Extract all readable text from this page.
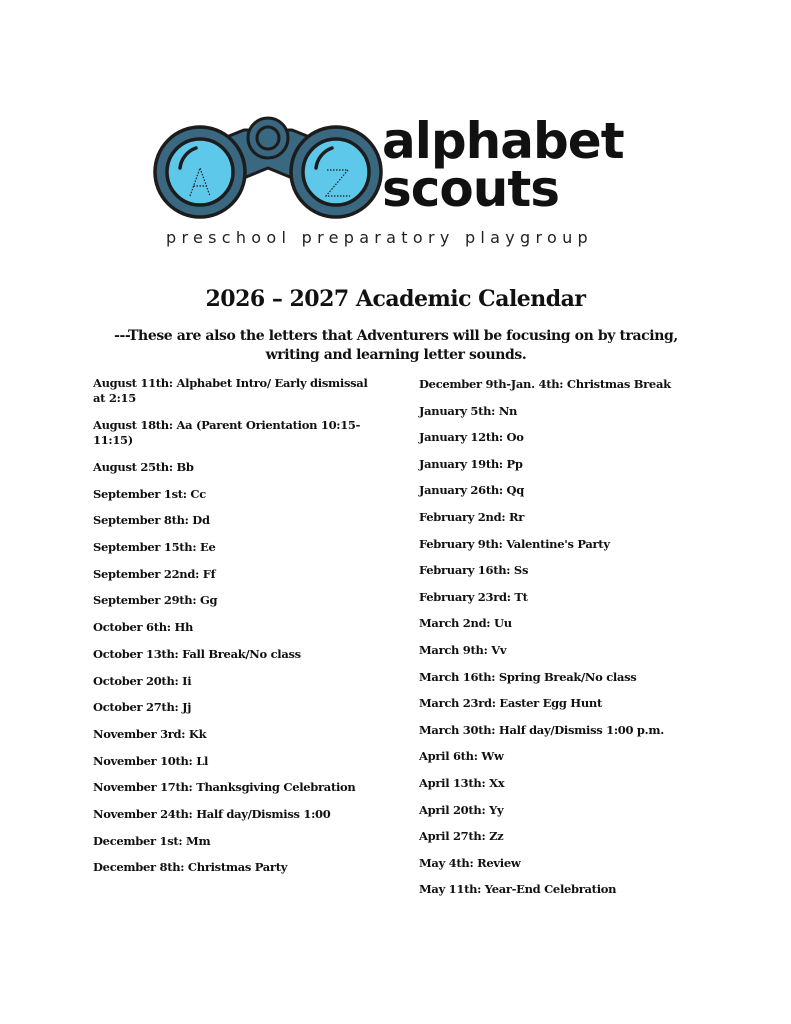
alphabet
scouts
preschool preparatory playgroup
2026 – 2027 Academic Calendar

---These are also the letters that Adventurers will be focusing on by tracing, writing and learning letter sounds.

August 11th: Alphabet Intro/ Early dismissal at 2:15
August 18th: Aa (Parent Orientation 10:15-11:15)
August 25th: Bb
September 1st: Cc
September 8th: Dd
September 15th: Ee
September 22nd: Ff
September 29th: Gg
October 6th: Hh
October 13th: Fall Break/No class
October 20th: Ii
October 27th: Jj
November 3rd: Kk
November 10th: Ll
November 17th: Thanksgiving Celebration
November 24th: Half day/Dismiss 1:00
December 1st: Mm
December 8th: Christmas Party
December 9th-Jan. 4th: Christmas Break
January 5th: Nn
January 12th: Oo
January 19th: Pp
January 26th: Qq
February 2nd: Rr
February 9th: Valentine's Party
February 16th: Ss
February 23rd: Tt
March 2nd: Uu
March 9th: Vv
March 16th: Spring Break/No class
March 23rd: Easter Egg Hunt
March 30th: Half day/Dismiss 1:00 p.m.
April 6th: Ww
April 13th: Xx
April 20th: Yy
April 27th: Zz
May 4th: Review
May 11th: Year-End Celebration
